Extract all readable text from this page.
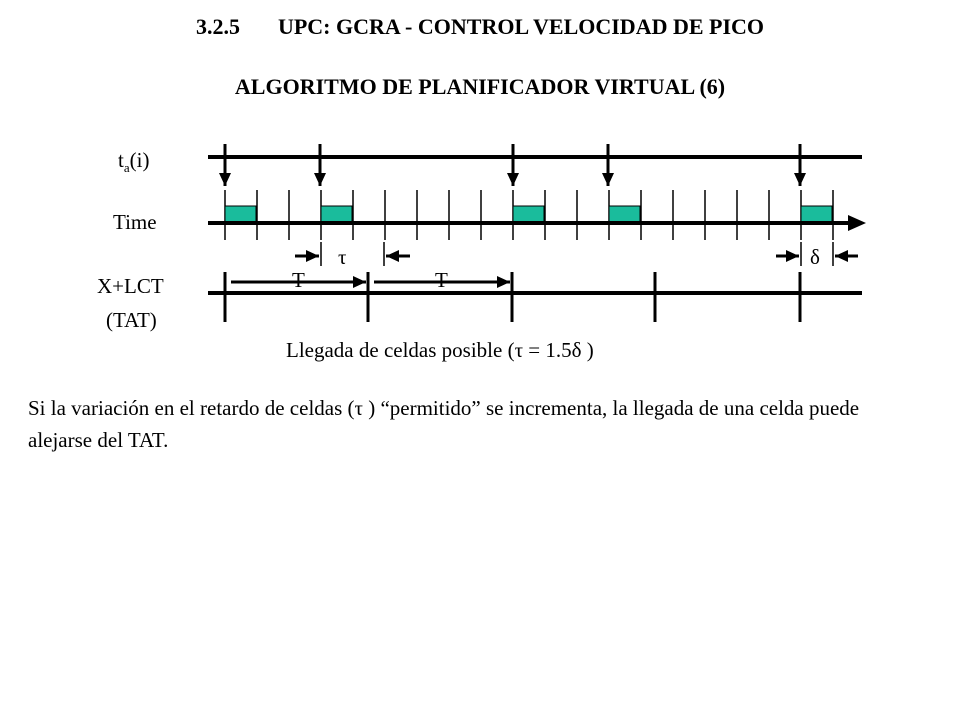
3.2.5 UPC: GCRA - CONTROL VELOCIDAD DE PICO
ALGORITMO DE PLANIFICADOR VIRTUAL (6)
$t_a(i)$
Time
X+LCT
(TAT)
τ	δ
T	T
Llegada de celdas posible (τ = 1.5δ )
Si la variación en el retardo de celdas (τ ) “permitido” se incrementa, la llegada de una celda puede alejarse del TAT.
